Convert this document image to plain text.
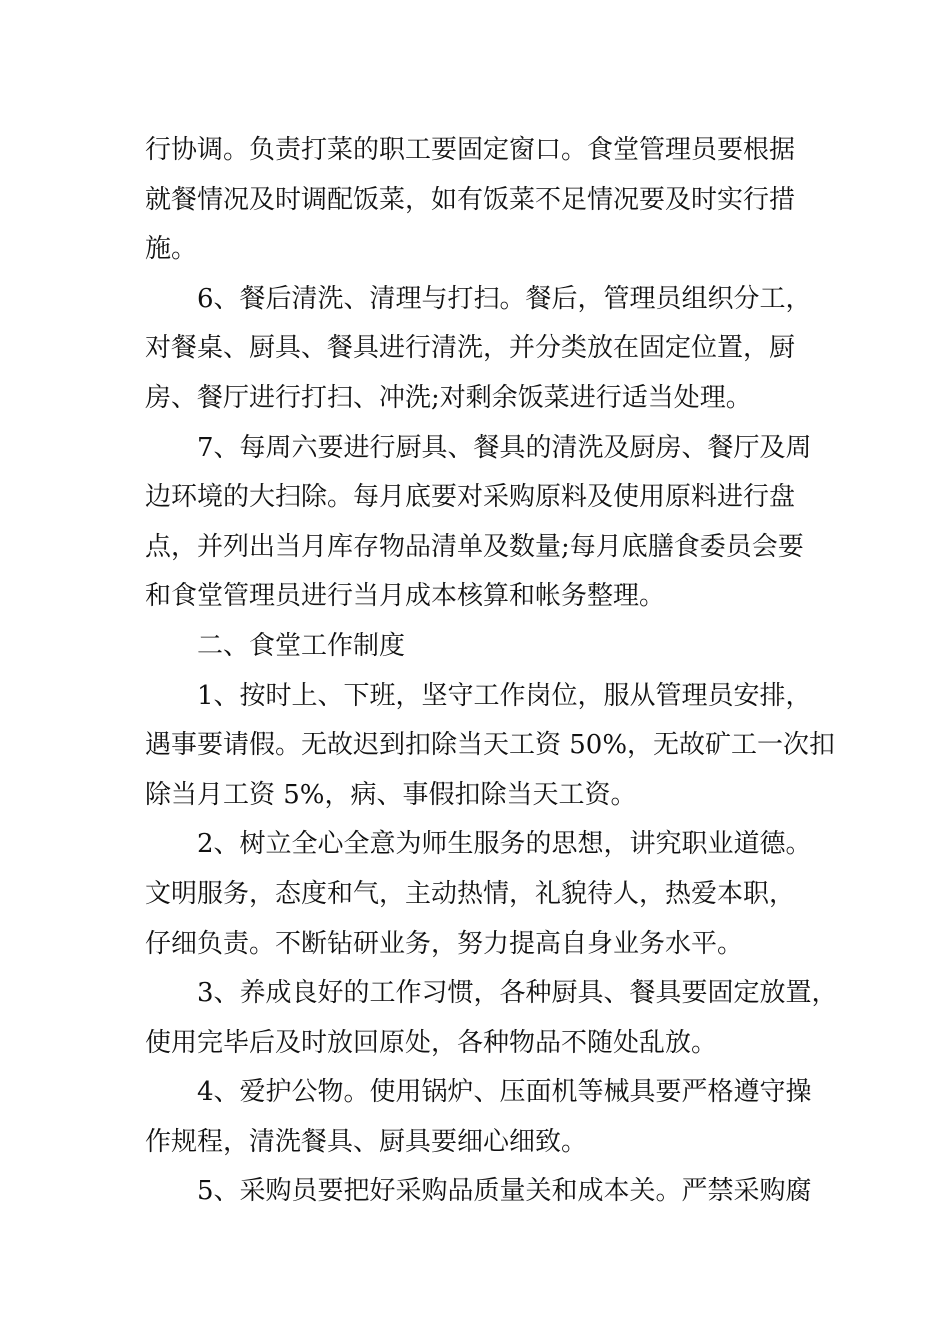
行协调。负责打菜的职工要固定窗口。食堂管理员要根据
就餐情况及时调配饭菜，如有饭菜不足情况要及时实行措
施。
6、餐后清洗、清理与打扫。餐后，管理员组织分工，
对餐桌、厨具、餐具进行清洗，并分类放在固定位置，厨
房、餐厅进行打扫、冲洗;对剩余饭菜进行适当处理。
7、每周六要进行厨具、餐具的清洗及厨房、餐厅及周
边环境的大扫除。每月底要对采购原料及使用原料进行盘
点，并列出当月库存物品清单及数量;每月底膳食委员会要
和食堂管理员进行当月成本核算和帐务整理。
二、食堂工作制度
1、按时上、下班，坚守工作岗位，服从管理员安排，
遇事要请假。无故迟到扣除当天工资 50%，无故矿工一次扣
除当月工资 5%，病、事假扣除当天工资。
2、树立全心全意为师生服务的思想，讲究职业道德。
文明服务，态度和气，主动热情，礼貌待人，热爱本职，
仔细负责。不断钻研业务，努力提高自身业务水平。
3、养成良好的工作习惯，各种厨具、餐具要固定放置，
使用完毕后及时放回原处，各种物品不随处乱放。
4、爱护公物。使用锅炉、压面机等械具要严格遵守操
作规程，清洗餐具、厨具要细心细致。
5、采购员要把好采购品质量关和成本关。严禁采购腐
